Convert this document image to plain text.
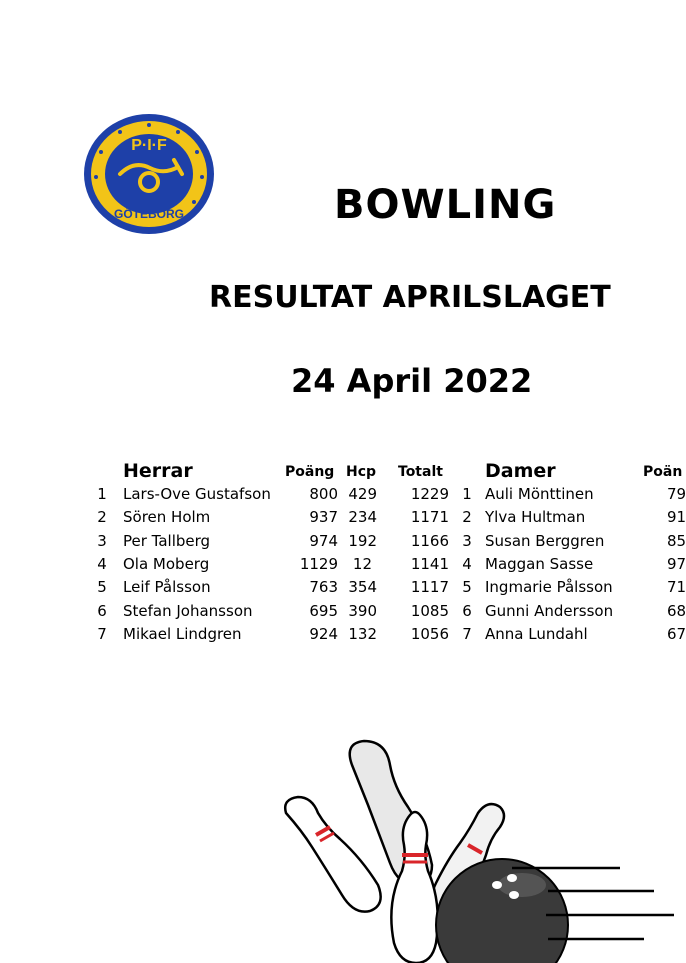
P·I·F
GÖTEBORG	BOWLING
RESULTAT APRILSLAGET
24 April 2022
Herrar	Poäng Hcp Totalt Damer	Poän
1 Lars-Ove Gustafson	800 429	1229 1 Auli Mönttinen	79
2 Sören Holm	937 234	1171 2 Ylva Hultman	91
3 Per Tallberg	974 192	1166 3 Susan Berggren	85
4 Ola Moberg	1129 12	1141 4 Maggan Sasse	97
5 Leif Pålsson	763 354	1117 5 Ingmarie Pålsson	71
6 Stefan Johansson	695 390	1085 6 Gunni Andersson	68
7 Mikael Lindgren	924 132	1056 7 Anna Lundahl	67
